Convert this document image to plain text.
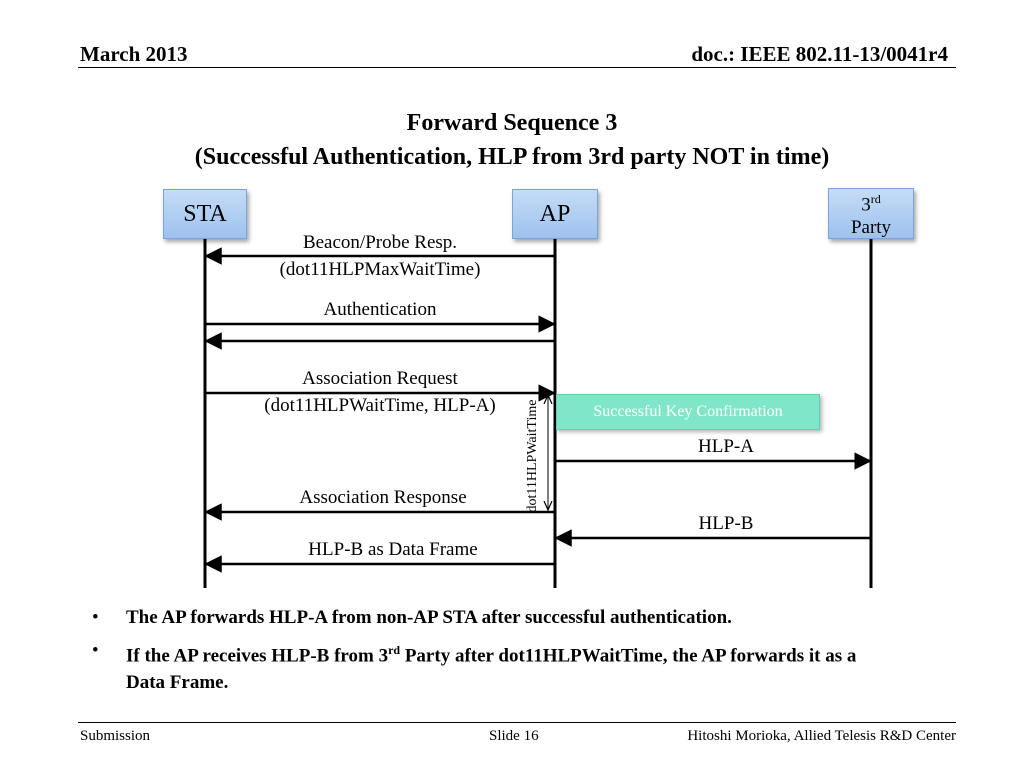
March 2013	doc.: IEEE 802.11-13/0041r4
Forward Sequence 3
(Successful Authentication, HLP from 3rd party NOT in time)
STA	AP	3rd
Party
Beacon/Probe Resp.
(dot11HLPMaxWaitTime)
Authentication
Association Request
(dot11HLPWaitTime, HLP-A)
HLP-A
Association Response
HLP-B
HLP-B as Data Frame
Successful Key Confirmation
dot11HLPWaitTime
• The AP forwards HLP-A from non-AP STA after successful authentication.
• If the AP receives HLP-B from 3rd Party after dot11HLPWaitTime, the AP forwards it as a Data Frame.
Submission	Slide 16	Hitoshi Morioka, Allied Telesis R&D Center
